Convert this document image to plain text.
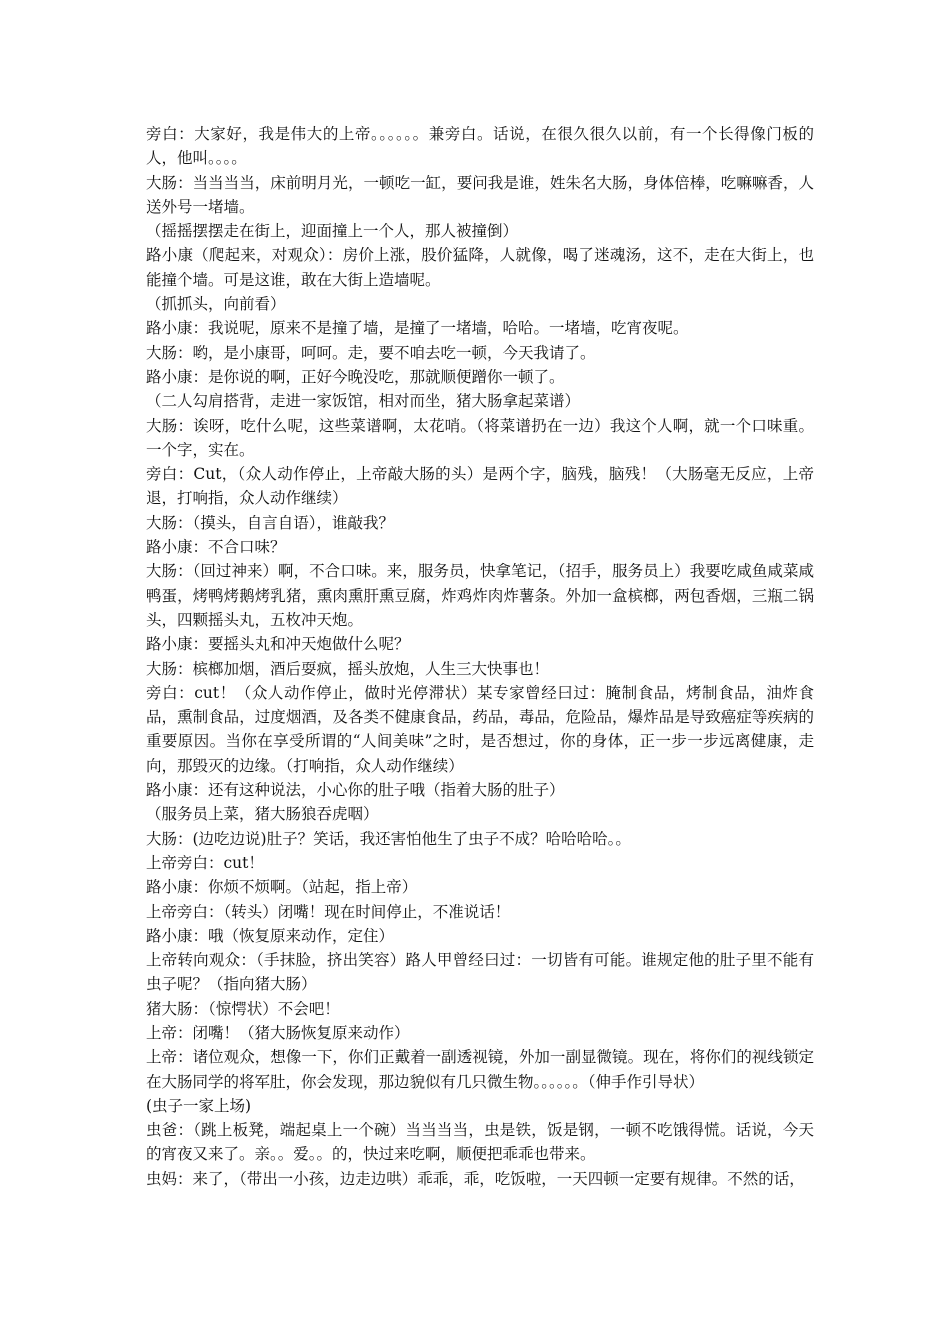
旁白：大家好，我是伟大的上帝。。。。。。兼旁白。话说，在很久很久以前，有一个长得像门板的人，他叫。。。。

大肠：当当当当，床前明月光，一顿吃一缸，要问我是谁，姓朱名大肠，身体倍棒，吃嘛嘛香，人送外号一堵墙。

（摇摇摆摆走在街上，迎面撞上一个人，那人被撞倒）

路小康（爬起来，对观众）：房价上涨，股价猛降，人就像，喝了迷魂汤，这不，走在大街上，也能撞个墙。可是这谁，敢在大街上造墙呢。

（抓抓头，向前看）

路小康：我说呢，原来不是撞了墙，是撞了一堵墙，哈哈。一堵墙，吃宵夜呢。

大肠：哟，是小康哥，呵呵。走，要不咱去吃一顿，今天我请了。

路小康：是你说的啊，正好今晚没吃，那就顺便蹭你一顿了。

（二人勾肩搭背，走进一家饭馆，相对而坐，猪大肠拿起菜谱）

大肠：诶呀，吃什么呢，这些菜谱啊，太花哨。（将菜谱扔在一边）我这个人啊，就一个口味重。一个字，实在。

旁白：Cut，（众人动作停止，上帝敲大肠的头）是两个字，脑残，脑残！（大肠毫无反应，上帝退，打响指，众人动作继续）

大肠：（摸头，自言自语），谁敲我？

路小康：不合口味？

大肠：（回过神来）啊，不合口味。来，服务员，快拿笔记，（招手，服务员上）我要吃咸鱼咸菜咸鸭蛋，烤鸭烤鹅烤乳猪，熏肉熏肝熏豆腐，炸鸡炸肉炸薯条。外加一盒槟榔，两包香烟，三瓶二锅头，四颗摇头丸，五枚冲天炮。

路小康：要摇头丸和冲天炮做什么呢？

大肠：槟榔加烟，酒后耍疯，摇头放炮，人生三大快事也！

旁白：cut！（众人动作停止，做时光停滞状）某专家曾经曰过：腌制食品，烤制食品，油炸食品，熏制食品，过度烟酒，及各类不健康食品，药品，毒品，危险品，爆炸品是导致癌症等疾病的重要原因。当你在享受所谓的“人间美味”之时，是否想过，你的身体，正一步一步远离健康，走向，那毁灭的边缘。（打响指，众人动作继续）

路小康：还有这种说法，小心你的肚子哦（指着大肠的肚子）

（服务员上菜，猪大肠狼吞虎咽）

大肠：(边吃边说)肚子？笑话，我还害怕他生了虫子不成？哈哈哈哈。。

上帝旁白：cut！

路小康：你烦不烦啊。（站起，指上帝）

上帝旁白：（转头）闭嘴！现在时间停止，不准说话！

路小康：哦（恢复原来动作，定住）

上帝转向观众：（手抹脸，挤出笑容）路人甲曾经曰过：一切皆有可能。谁规定他的肚子里不能有虫子呢？（指向猪大肠）

猪大肠：（惊愕状）不会吧！

上帝：闭嘴！（猪大肠恢复原来动作）

上帝：诸位观众，想像一下，你们正戴着一副透视镜，外加一副显微镜。现在，将你们的视线锁定在大肠同学的将军肚，你会发现，那边貌似有几只微生物。。。。。。（伸手作引导状）

(虫子一家上场)

虫爸：（跳上板凳，端起桌上一个碗）当当当当，虫是铁，饭是钢，一顿不吃饿得慌。话说，今天的宵夜又来了。亲。。爱。。的，快过来吃啊，顺便把乖乖也带来。

虫妈：来了，（带出一小孩，边走边哄）乖乖，乖，吃饭啦，一天四顿一定要有规律。不然的话，
